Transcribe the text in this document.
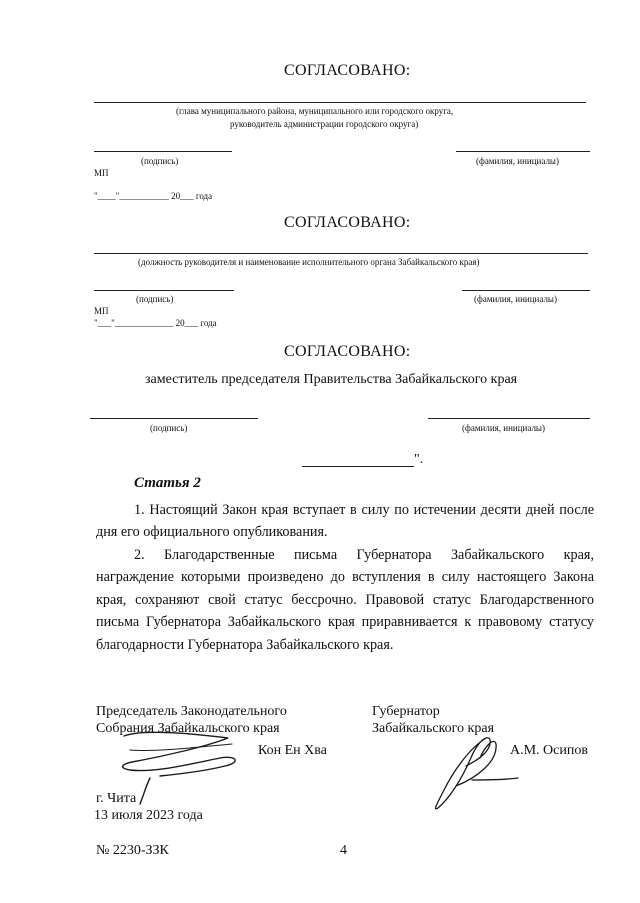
СОГЛАСОВАНО:
(глава муниципального района, муниципального или городского округа,
руководитель администрации городского округа)
(подпись)	(фамилия, инициалы)
МП
"____"___________ 20___ года
СОГЛАСОВАНО:
(должность руководителя и наименование исполнительного органа Забайкальского края)
(подпись)	(фамилия, инициалы)
МП
"___"_____________ 20___ года
СОГЛАСОВАНО:
заместитель председателя Правительства Забайкальского края
(подпись)	(фамилия, инициалы)
".
Статья 2
1. Настоящий Закон края вступает в силу по истечении десяти дней после дня его официального опубликования.
2. Благодарственные письма Губернатора Забайкальского края, награждение которыми произведено до вступления в силу настоящего Закона края, сохраняют свой статус бессрочно. Правовой статус Благодарственного письма Губернатора Забайкальского края приравнивается к правовому статусу благодарности Губернатора Забайкальского края.
Председатель Законодательного
Собрания Забайкальского края
Губернатор
Забайкальского края
Кон Ен Хва	А.М. Осипов
г. Чита
13 июля 2023 года
№ 2230-ЗЗК	4
